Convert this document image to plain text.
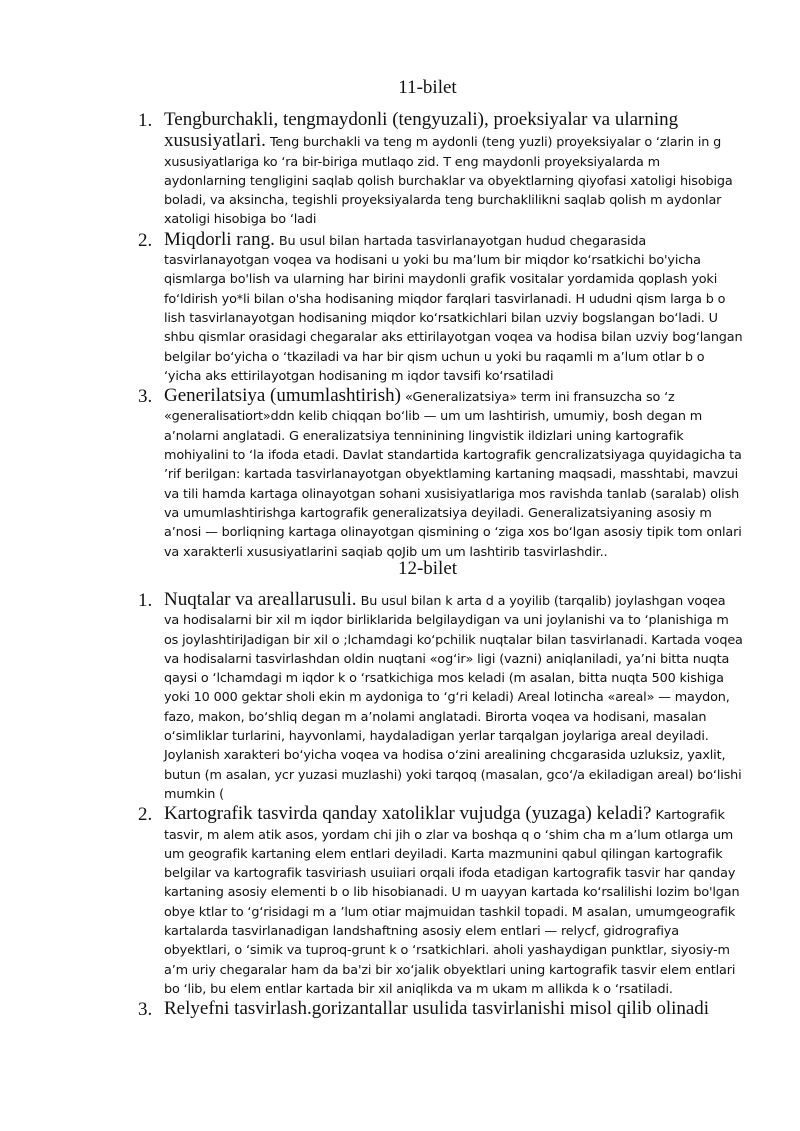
11-bilet
1. Tengburchakli, tengmaydonli (tengyuzali), proeksiyalar va ularning xususiyatlari. Teng burchakli va teng m aydonli (teng yuzli) proyeksiyalar o ‘zlarin in g xususiyatlariga ko ‘ra bir-biriga mutlaqo zid. T eng maydonli proyeksiyalarda m aydonlarning tengligini saqlab qolish burchaklar va obyektlarning qiyofasi xatoligi hisobiga boladi, va aksincha, tegishli proyeksiyalarda teng burchaklilikni saqlab qolish m aydonlar xatoligi hisobiga bo ‘ladi
2. Miqdorli rang. Bu usul bilan hartada tasvirlanayotgan hudud chegarasida tasvirlanayotgan voqea va hodisani u yoki bu ma’lum bir miqdor ko‘rsatkichi bo'yicha qismlarga bo'lish va ularning har birini maydonli grafik vositalar yordamida qoplash yoki fo‘ldirish yo*li bilan o'sha hodisaning miqdor farqlari tasvirlanadi. H ududni qism larga b o lish tasvirlanayotgan hodisaning miqdor ko‘rsatkichlari bilan uzviy bogslangan bo‘ladi. U shbu qismlar orasidagi chegaralar aks ettirilayotgan voqea va hodisa bilan uzviy bog‘langan belgilar bo‘yicha o ‘tkaziladi va har bir qism uchun u yoki bu raqamli m a’lum otlar b o ‘yicha aks ettirilayotgan hodisaning m iqdor tavsifi ko‘rsatiladi
3. Generilatsiya (umumlashtirish) «Generalizatsiya» term ini fransuzcha so ‘z «generalisatiort»ddn kelib chiqqan bo‘lib — um um lashtirish, umumiy, bosh degan m a’nolarni anglatadi. G eneralizatsiya tenninining lingvistik ildizlari uning kartografik mohiyalini to ‘la ifoda etadi. Davlat standartida kartografik gencralizatsiyaga quyidagicha ta ’rif berilgan: kartada tasvirlanayotgan obyektlaming kartaning maqsadi, masshtabi, mavzui va tili hamda kartaga olinayotgan sohani xusisiyatlariga mos ravishda tanlab (saralab) olish va umumlashtirishga kartografik generalizatsiya deyiladi. Generalizatsiyaning asosiy m a’nosi — borliqning kartaga olinayotgan qismining o ‘ziga xos bo‘lgan asosiy tipik tom onlari va xarakterli xususiyatlarini saqiab qoJib um um lashtirib tasvirlashdir..
12-bilet
1. Nuqtalar va areallarusuli. Bu usul bilan k arta d a yoyilib (tarqalib) joylashgan voqea va hodisalarni bir xil m iqdor birliklarida belgilaydigan va uni joylanishi va to ‘planishiga m os joylashtiriJadigan bir xil o ;lchamdagi ko‘pchilik nuqtalar bilan tasvirlanadi. Kartada voqea va hodisalarni tasvirlashdan oldin nuqtani «og‘ir» ligi (vazni) aniqlaniladi, ya’ni bitta nuqta qaysi o ‘lchamdagi m iqdor k o ‘rsatkichiga mos keladi (m asalan, bitta nuqta 500 kishiga yoki 10 000 gektar sholi ekin m aydoniga to ‘g‘ri keladi) Areal lotincha «areal» — maydon, fazo, makon, bo‘shliq degan m a’nolami anglatadi. Birorta voqea va hodisani, masalan o‘simliklar turlarini, hayvonlami, haydaladigan yerlar tarqalgan joylariga areal deyiladi. Joylanish xarakteri bo‘yicha voqea va hodisa o‘zini arealining chcgarasida uzluksiz, yaxlit, butun (m asalan, ycr yuzasi muzlashi) yoki tarqoq (masalan, gco‘/a ekiladigan areal) bo‘lishi mumkin (
2. Kartografik tasvirda qanday xatoliklar vujudga (yuzaga) keladi? Kartografik tasvir, m alem atik asos, yordam chi jih o zlar va boshqa q o ‘shim cha m a’lum otlarga um um geografik kartaning elem entlari deyiladi. Karta mazmunini qabul qilingan kartografik belgilar va kartografik tasviriash usuiiari orqali ifoda etadigan kartografik tasvir har qanday kartaning asosiy elementi b o lib hisobianadi. U m uayyan kartada ko‘rsalilishi lozim bo'lgan obye ktlar to ‘g‘risidagi m a ’lum otiar majmuidan tashkil topadi. M asalan, umumgeografik kartalarda tasvirlanadigan landshaftning asosiy elem entlari — relycf, gidrografiya obyektlari, o ‘simik va tuproq-grunt k o ‘rsatkichlari. aholi yashaydigan punktlar, siyosiy-m a’m uriy chegaralar ham da ba'zi bir xo‘jalik obyektlari uning kartografik tasvir elem entlari bo ‘lib, bu elem entlar kartada bir xil aniqlikda va m ukam m allikda k o ‘rsatiladi.
3. Relyefni tasvirlash.gorizantallar usulida tasvirlanishi misol qilib olinadi
